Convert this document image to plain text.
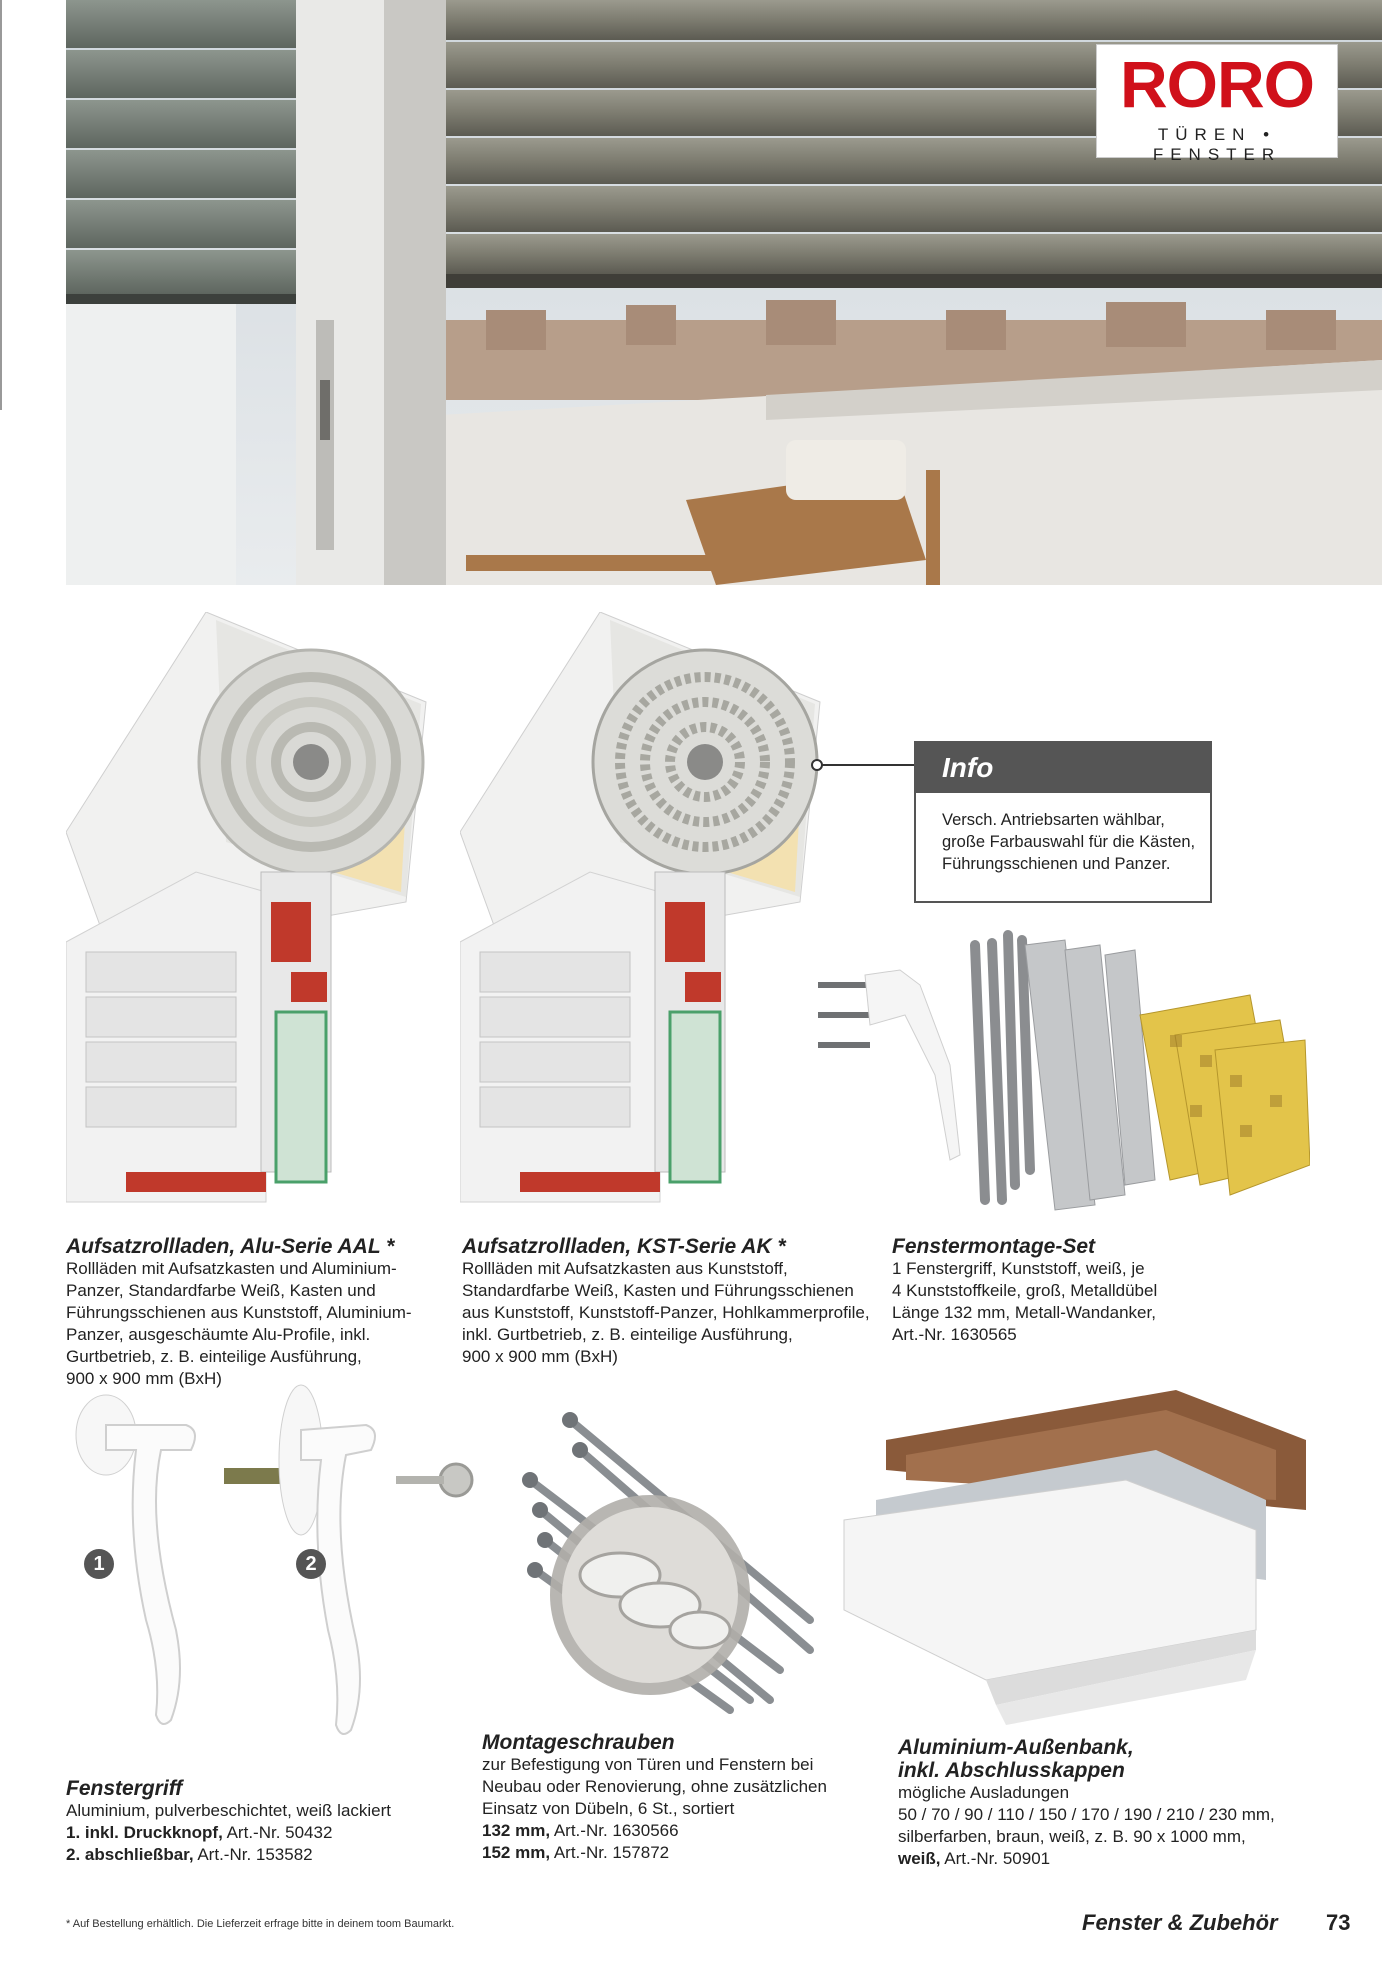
RORO
TÜREN • FENSTER
Info
Versch. Antriebsarten wählbar, große Farbauswahl für die Kästen, Führungsschienen und Panzer.
Aufsatzrollladen, Alu-Serie AAL *
Rollläden mit Aufsatzkasten und Aluminium-
Panzer, Standardfarbe Weiß, Kasten und
Führungsschienen aus Kunststoff, Aluminium-
Panzer, ausgeschäumte Alu-Profile, inkl.
Gurtbetrieb, z. B. einteilige Ausführung,
900 x 900 mm (BxH)
Aufsatzrollladen, KST-Serie AK *
Rollläden mit Aufsatzkasten aus Kunststoff,
Standardfarbe Weiß, Kasten und Führungsschienen
aus Kunststoff, Kunststoff-Panzer, Hohlkammerprofile,
inkl. Gurtbetrieb, z. B. einteilige Ausführung,
900 x 900 mm (BxH)
Fenstermontage-Set
1 Fenstergriff, Kunststoff, weiß, je
4 Kunststoffkeile, groß, Metalldübel
Länge 132 mm, Metall-Wandanker,
Art.-Nr. 1630565
1	2
Fenstergriff
Aluminium, pulverbeschichtet, weiß lackiert
1. inkl. Druckknopf, Art.-Nr. 50432
2. abschließbar, Art.-Nr. 153582
Montageschrauben
zur Befestigung von Türen und Fenstern bei
Neubau oder Renovierung, ohne zusätzlichen
Einsatz von Dübeln, 6 St., sortiert
132 mm, Art.-Nr. 1630566
152 mm, Art.-Nr. 157872
Aluminium-Außenbank,
inkl. Abschlusskappen
mögliche Ausladungen
50 / 70 / 90 / 110 / 150 / 170 / 190 / 210 / 230 mm,
silberfarben, braun, weiß, z. B. 90 x 1000 mm,
weiß, Art.-Nr. 50901
* Auf Bestellung erhältlich. Die Lieferzeit erfrage bitte in deinem toom Baumarkt.	Fenster & Zubehör 73
